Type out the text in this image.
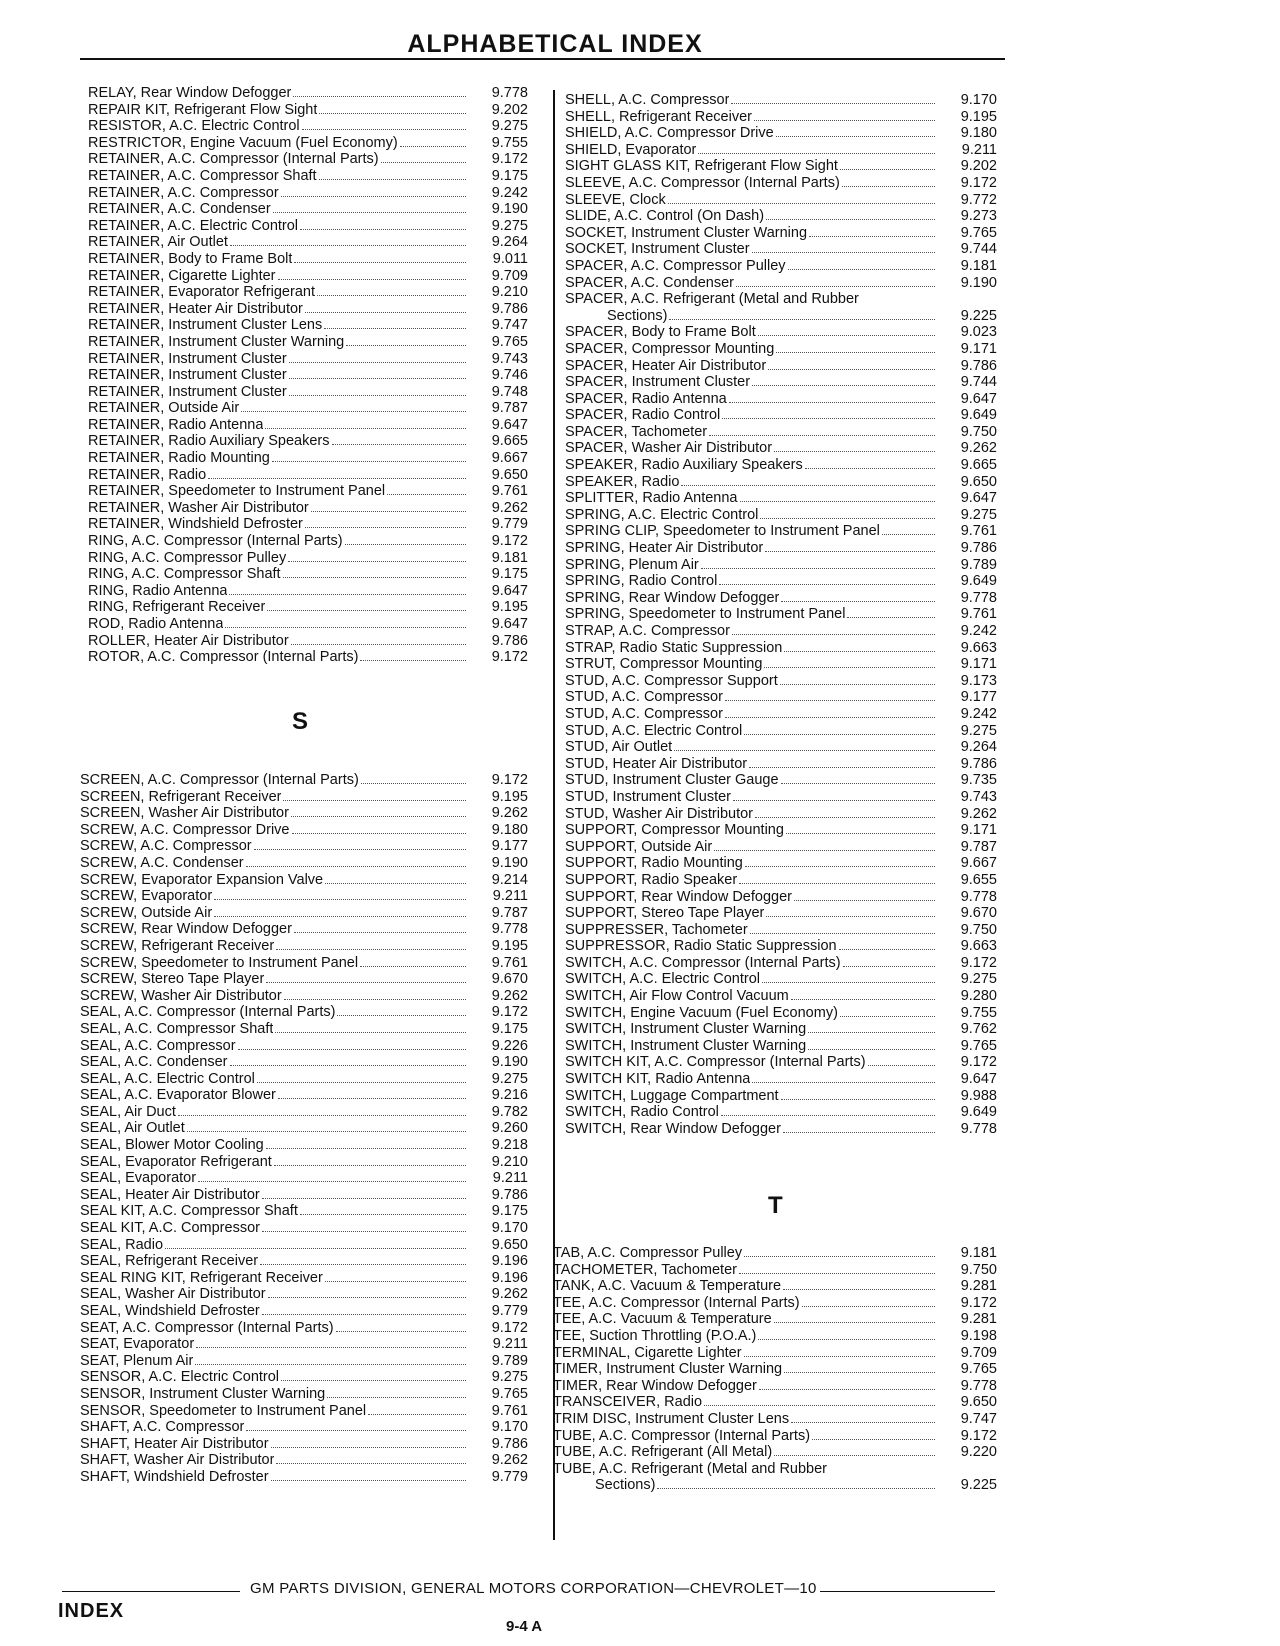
ALPHABETICAL INDEX
RELAY, Rear Window Defogger	9.778
REPAIR KIT, Refrigerant Flow Sight	9.202
RESISTOR, A.C. Electric Control	9.275
RESTRICTOR, Engine Vacuum (Fuel Economy)	9.755
RETAINER, A.C. Compressor (Internal Parts)	9.172
RETAINER, A.C. Compressor Shaft	9.175
RETAINER, A.C. Compressor	9.242
RETAINER, A.C. Condenser	9.190
RETAINER, A.C. Electric Control	9.275
RETAINER, Air Outlet	9.264
RETAINER, Body to Frame Bolt	9.011
RETAINER, Cigarette Lighter	9.709
RETAINER, Evaporator Refrigerant	9.210
RETAINER, Heater Air Distributor	9.786
RETAINER, Instrument Cluster Lens	9.747
RETAINER, Instrument Cluster Warning	9.765
RETAINER, Instrument Cluster	9.743
RETAINER, Instrument Cluster	9.746
RETAINER, Instrument Cluster	9.748
RETAINER, Outside Air	9.787
RETAINER, Radio Antenna	9.647
RETAINER, Radio Auxiliary Speakers	9.665
RETAINER, Radio Mounting	9.667
RETAINER, Radio	9.650
RETAINER, Speedometer to Instrument Panel	9.761
RETAINER, Washer Air Distributor	9.262
RETAINER, Windshield Defroster	9.779
RING, A.C. Compressor (Internal Parts)	9.172
RING, A.C. Compressor Pulley	9.181
RING, A.C. Compressor Shaft	9.175
RING, Radio Antenna	9.647
RING, Refrigerant Receiver	9.195
ROD, Radio Antenna	9.647
ROLLER, Heater Air Distributor	9.786
ROTOR, A.C. Compressor (Internal Parts)	9.172
S
SCREEN, A.C. Compressor (Internal Parts)	9.172
SCREEN, Refrigerant Receiver	9.195
SCREEN, Washer Air Distributor	9.262
SCREW, A.C. Compressor Drive	9.180
SCREW, A.C. Compressor	9.177
SCREW, A.C. Condenser	9.190
SCREW, Evaporator Expansion Valve	9.214
SCREW, Evaporator	9.211
SCREW, Outside Air	9.787
SCREW, Rear Window Defogger	9.778
SCREW, Refrigerant Receiver	9.195
SCREW, Speedometer to Instrument Panel	9.761
SCREW, Stereo Tape Player	9.670
SCREW, Washer Air Distributor	9.262
SEAL, A.C. Compressor (Internal Parts)	9.172
SEAL, A.C. Compressor Shaft	9.175
SEAL, A.C. Compressor	9.226
SEAL, A.C. Condenser	9.190
SEAL, A.C. Electric Control	9.275
SEAL, A.C. Evaporator Blower	9.216
SEAL, Air Duct	9.782
SEAL, Air Outlet	9.260
SEAL, Blower Motor Cooling	9.218
SEAL, Evaporator Refrigerant	9.210
SEAL, Evaporator	9.211
SEAL, Heater Air Distributor	9.786
SEAL KIT, A.C. Compressor Shaft	9.175
SEAL KIT, A.C. Compressor	9.170
SEAL, Radio	9.650
SEAL, Refrigerant Receiver	9.196
SEAL RING KIT, Refrigerant Receiver	9.196
SEAL, Washer Air Distributor	9.262
SEAL, Windshield Defroster	9.779
SEAT, A.C. Compressor (Internal Parts)	9.172
SEAT, Evaporator	9.211
SEAT, Plenum Air	9.789
SENSOR, A.C. Electric Control	9.275
SENSOR, Instrument Cluster Warning	9.765
SENSOR, Speedometer to Instrument Panel	9.761
SHAFT, A.C. Compressor	9.170
SHAFT, Heater Air Distributor	9.786
SHAFT, Washer Air Distributor	9.262
SHAFT, Windshield Defroster	9.779
SHELL, A.C. Compressor	9.170
SHELL, Refrigerant Receiver	9.195
SHIELD, A.C. Compressor Drive	9.180
SHIELD, Evaporator	9.211
SIGHT GLASS KIT, Refrigerant Flow Sight	9.202
SLEEVE, A.C. Compressor (Internal Parts)	9.172
SLEEVE, Clock	9.772
SLIDE, A.C. Control (On Dash)	9.273
SOCKET, Instrument Cluster Warning	9.765
SOCKET, Instrument Cluster	9.744
SPACER, A.C. Compressor Pulley	9.181
SPACER, A.C. Condenser	9.190
SPACER, A.C. Refrigerant (Metal and Rubber
Sections)	9.225
SPACER, Body to Frame Bolt	9.023
SPACER, Compressor Mounting	9.171
SPACER, Heater Air Distributor	9.786
SPACER, Instrument Cluster	9.744
SPACER, Radio Antenna	9.647
SPACER, Radio Control	9.649
SPACER, Tachometer	9.750
SPACER, Washer Air Distributor	9.262
SPEAKER, Radio Auxiliary Speakers	9.665
SPEAKER, Radio	9.650
SPLITTER, Radio Antenna	9.647
SPRING, A.C. Electric Control	9.275
SPRING CLIP, Speedometer to Instrument Panel	9.761
SPRING, Heater Air Distributor	9.786
SPRING, Plenum Air	9.789
SPRING, Radio Control	9.649
SPRING, Rear Window Defogger	9.778
SPRING, Speedometer to Instrument Panel	9.761
STRAP, A.C. Compressor	9.242
STRAP, Radio Static Suppression	9.663
STRUT, Compressor Mounting	9.171
STUD, A.C. Compressor Support	9.173
STUD, A.C. Compressor	9.177
STUD, A.C. Compressor	9.242
STUD, A.C. Electric Control	9.275
STUD, Air Outlet	9.264
STUD, Heater Air Distributor	9.786
STUD, Instrument Cluster Gauge	9.735
STUD, Instrument Cluster	9.743
STUD, Washer Air Distributor	9.262
SUPPORT, Compressor Mounting	9.171
SUPPORT, Outside Air	9.787
SUPPORT, Radio Mounting	9.667
SUPPORT, Radio Speaker	9.655
SUPPORT, Rear Window Defogger	9.778
SUPPORT, Stereo Tape Player	9.670
SUPPRESSER, Tachometer	9.750
SUPPRESSOR, Radio Static Suppression	9.663
SWITCH, A.C. Compressor (Internal Parts)	9.172
SWITCH, A.C. Electric Control	9.275
SWITCH, Air Flow Control Vacuum	9.280
SWITCH, Engine Vacuum (Fuel Economy)	9.755
SWITCH, Instrument Cluster Warning	9.762
SWITCH, Instrument Cluster Warning	9.765
SWITCH KIT, A.C. Compressor (Internal Parts)	9.172
SWITCH KIT, Radio Antenna	9.647
SWITCH, Luggage Compartment	9.988
SWITCH, Radio Control	9.649
SWITCH, Rear Window Defogger	9.778
T
TAB, A.C. Compressor Pulley	9.181
TACHOMETER, Tachometer	9.750
TANK, A.C. Vacuum & Temperature	9.281
TEE, A.C. Compressor (Internal Parts)	9.172
TEE, A.C. Vacuum & Temperature	9.281
TEE, Suction Throttling (P.O.A.)	9.198
TERMINAL, Cigarette Lighter	9.709
TIMER, Instrument Cluster Warning	9.765
TIMER, Rear Window Defogger	9.778
TRANSCEIVER, Radio	9.650
TRIM DISC, Instrument Cluster Lens	9.747
TUBE, A.C. Compressor (Internal Parts)	9.172
TUBE, A.C. Refrigerant (All Metal)	9.220
TUBE, A.C. Refrigerant (Metal and Rubber
Sections)	9.225
GM PARTS DIVISION, GENERAL MOTORS CORPORATION—CHEVROLET—10
INDEX
9-4 A
